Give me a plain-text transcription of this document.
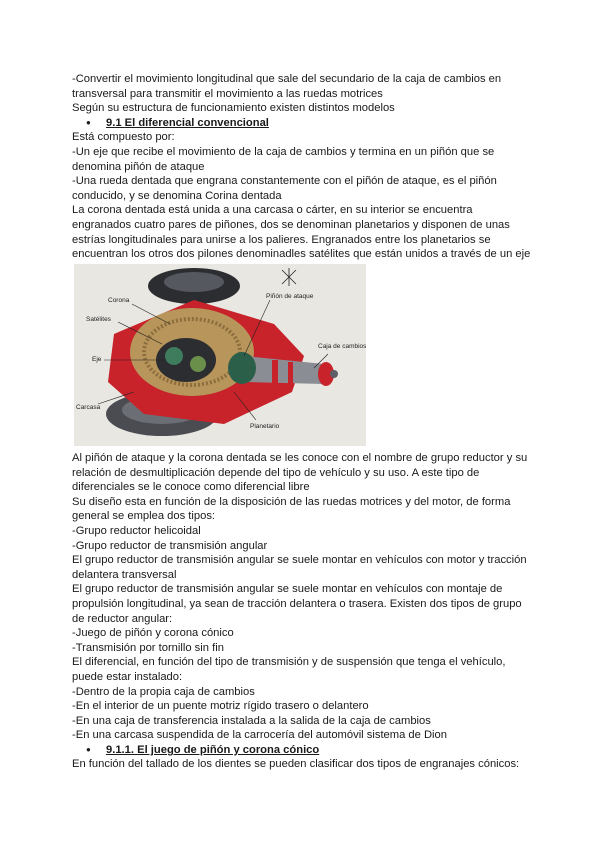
-Convertir el movimiento longitudinal que sale del secundario de la caja de cambios en transversal para transmitir el movimiento a las ruedas motrices

Según su estructura de funcionamiento existen distintos modelos

● 9.1 El diferencial convencional

Está compuesto por:

-Un eje que recibe el movimiento de la caja de cambios y termina en un piñón que se denomina piñón de ataque

-Una rueda dentada que engrana constantemente con el piñón de ataque, es el piñón conducido, y se denomina Corina dentada

La corona dentada está unida a una carcasa o cárter, en su interior se encuentra engranados cuatro pares de piñones, dos se denominan planetarios y disponen de unas estrías longitudinales para unirse a los palieres. Engranados entre los planetarios se encuentran los otros dos pilones denominadles satélites que están unidos a través de un eje

Corona
Satélites
Eje
Carcasa
Piñón de ataque
Caja de cambios
Planetario

Al piñón de ataque y la corona dentada se les conoce con el nombre de grupo reductor y su relación de desmultiplicación depende del tipo de vehículo y su uso. A este tipo de diferenciales se le conoce como diferencial libre

Su diseño esta en función de la disposición de las ruedas motrices y del motor, de forma general se emplea dos tipos:

-Grupo reductor helicoidal

-Grupo reductor de transmisión angular

El grupo reductor de transmisión angular se suele montar en vehículos con motor y tracción delantera transversal

El grupo reductor de transmisión angular se suele montar en vehículos con montaje de propulsión longitudinal, ya sean de tracción delantera o trasera. Existen dos tipos de grupo de reductor angular:

-Juego de piñón y corona cónico

-Transmisión por tornillo sin fin

El diferencial, en función del tipo de transmisión y de suspensión que tenga el vehículo, puede estar instalado:

-Dentro de la propia caja de cambios

-En el interior de un puente motriz rígido trasero o delantero

-En una caja de transferencia instalada a la salida de la caja de cambios

-En una carcasa suspendida de la carrocería del automóvil sistema de Dion

● 9.1.1. El juego de piñón y corona cónico

En función del tallado de los dientes se pueden clasificar dos tipos de engranajes cónicos:
